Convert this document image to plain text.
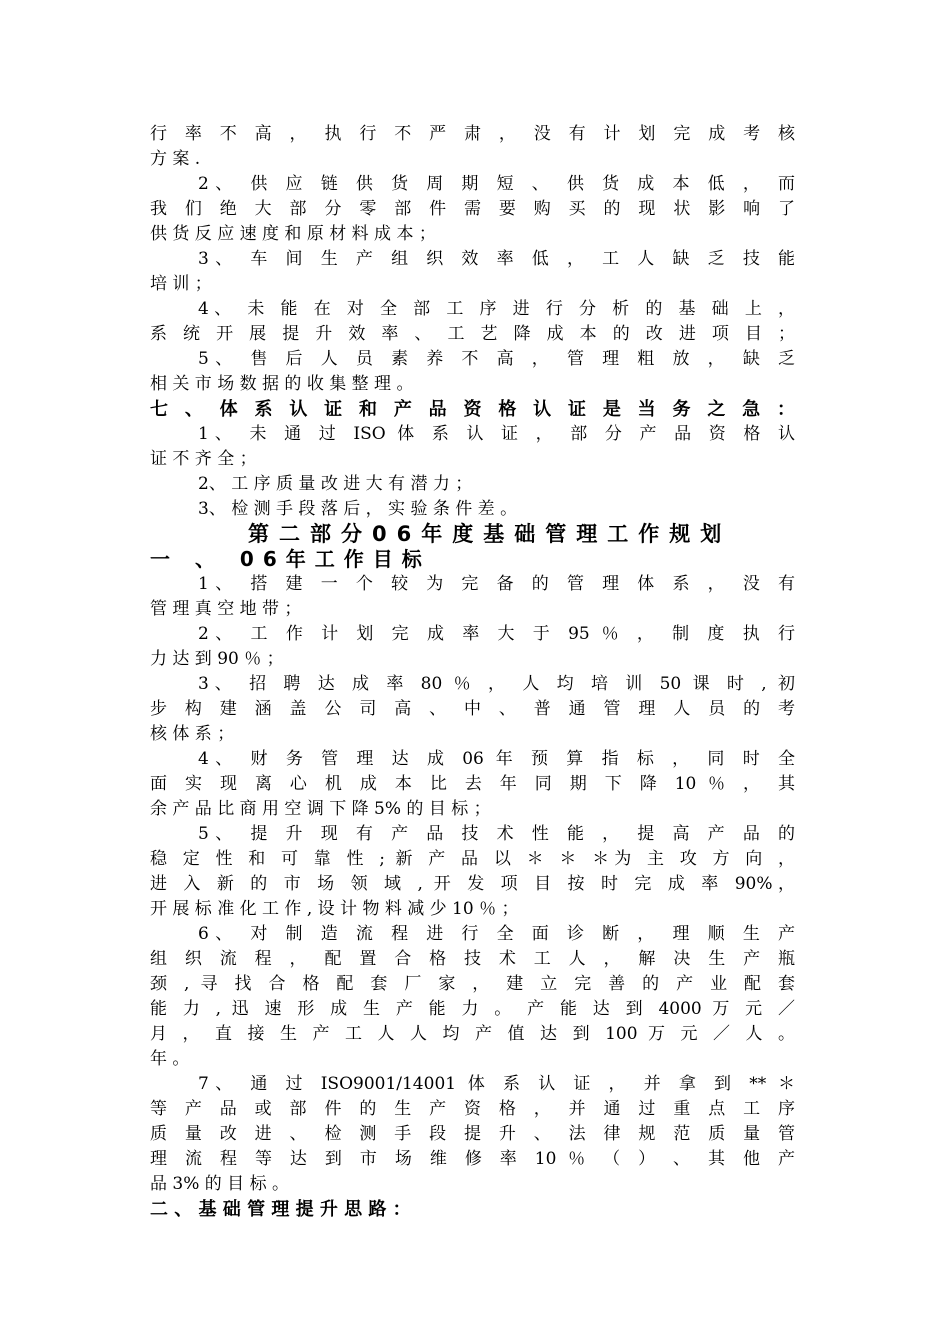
行 率 不 高 ， 执 行 不 严 肃 ， 没 有 计 划 完 成 考 核
方 案 .
2、 供 应 链 供 货 周 期 短 、 供 货 成 本 低 ， 而
我 们 绝 大 部 分 零 部 件 需 要 购 买 的 现 状 影 响 了
供 货 反 应 速 度 和 原 材 料 成 本 ；
3、 车 间 生 产 组 织 效 率 低 ， 工 人 缺 乏 技 能
培 训 ；
4、 未 能 在 对 全 部 工 序 进 行 分 析 的 基 础 上 ，
系 统 开 展 提 升 效 率 、 工 艺 降 成 本 的 改 进 项 目 ；
5、 售 后 人 员 素 养 不 高 ， 管 理 粗 放 ， 缺 乏
相 关 市 场 数 据 的 收 集 整 理 。
七 、 体 系 认 证 和 产 品 资 格 认 证 是 当 务 之 急 ：
1、 未 通 过 ISO 体 系 认 证 ， 部 分 产 品 资 格 认
证 不 齐 全 ；
2、 工 序 质 量 改 进 大 有 潜 力 ；
3、 检 测 手 段 落 后 ， 实 验 条 件 差 。
第二部分06年度基础管理工作规划
一 、 06年工作目标
1、 搭 建 一 个 较 为 完 备 的 管 理 体 系 ， 没 有
管 理 真 空 地 带 ；
2、 工 作 计 划 完 成 率 大 于 95 ％ ， 制 度 执 行
力 达 到 90 ％ ；
3、 招 聘 达 成 率 80 ％ ， 人 均 培 训 50 课 时 , 初
步 构 建 涵 盖 公 司 高 、 中 、 普 通 管 理 人 员 的 考
核 体 系 ；
4、 财 务 管 理 达 成 06 年 预 算 指 标 ， 同 时 全
面 实 现 离 心 机 成 本 比 去 年 同 期 下 降 10 ％ ， 其
余 产 品 比 商 用 空 调 下 降 5% 的 目 标 ；
5、 提 升 现 有 产 品 技 术 性 能 ， 提 高 产 品 的
稳 定 性 和 可 靠 性 ; 新 产 品 以 ＊ ＊ ＊为 主 攻 方 向 ，
进 入 新 的 市 场 领 域 , 开 发 项 目 按 时 完 成 率 90%，
开 展 标 准 化 工 作 , 设 计 物 料 减 少 10 ％ ；
6、 对 制 造 流 程 进 行 全 面 诊 断 ， 理 顺 生 产
组 织 流 程 ， 配 置 合 格 技 术 工 人 ， 解 决 生 产 瓶
颈 , 寻 找 合 格 配 套 厂 家 ， 建 立 完 善 的 产 业 配 套
能 力 , 迅 速 形 成 生 产 能 力 。 产 能 达 到 4000 万 元 ／
月 ， 直 接 生 产 工 人 人 均 产 值 达 到 100 万 元 ／ 人 。
年 。
7、 通 过 ISO9001/14001 体 系 认 证 ， 并 拿 到 ** ＊
等 产 品 或 部 件 的 生 产 资 格 ， 并 通 过 重 点 工 序
质 量 改 进 、 检 测 手 段 提 升 、 法 律 规 范 质 量 管
理 流 程 等 达 到 市 场 维 修 率 10 ％ （ ） 、 其 他 产
品 3% 的 目 标 。
二 、 基 础 管 理 提 升 思 路 ：
